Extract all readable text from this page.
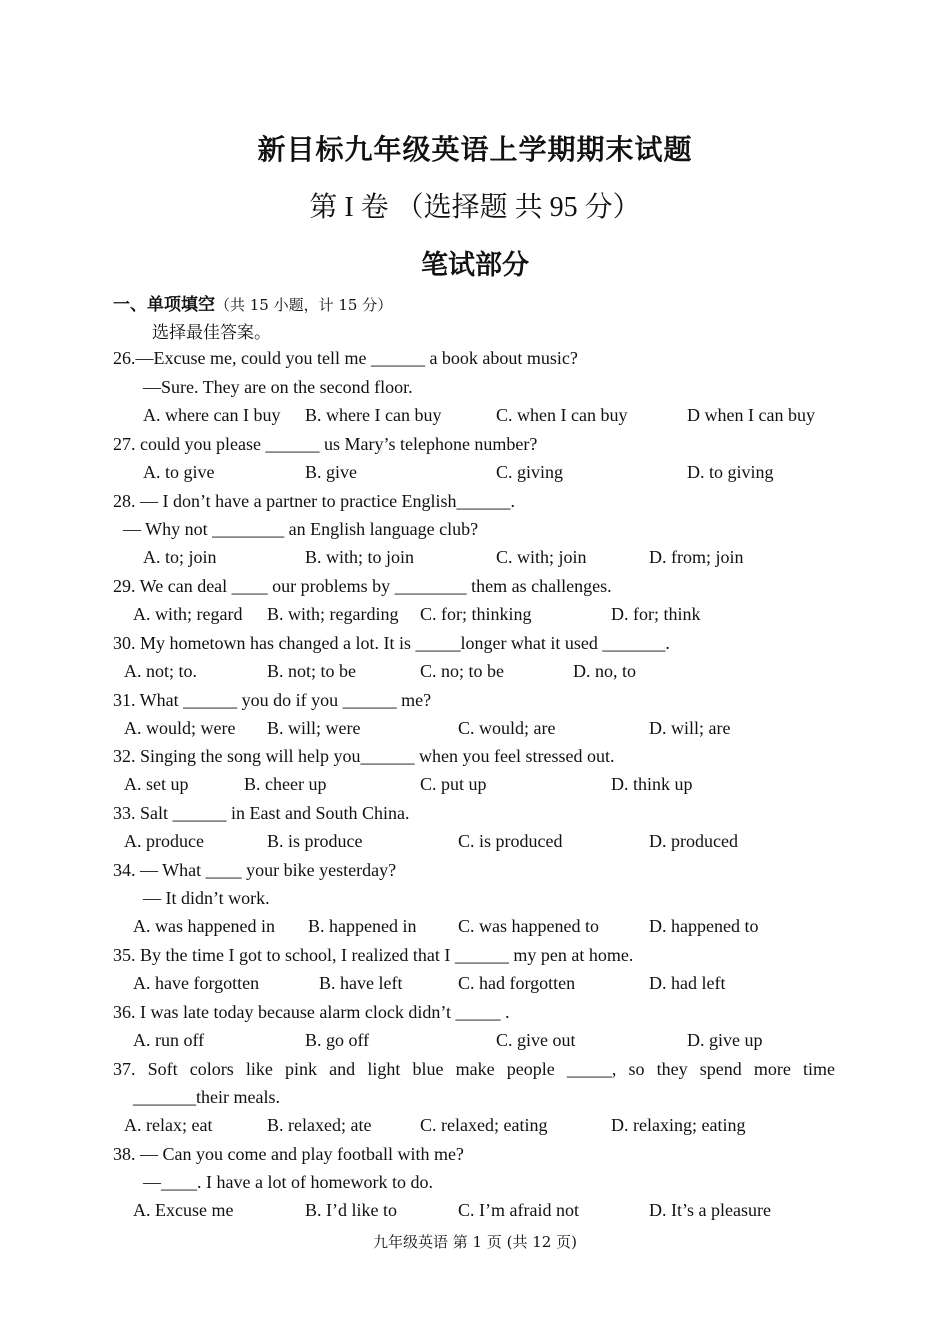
新目标九年级英语上学期期末试题
第 I 卷 （选择题 共 95 分）
笔试部分
一、单项填空（共 15 小题，计 15 分）
选择最佳答案。
26.—Excuse me, could you tell me ______ a book about music?
—Sure. They are on the second floor.
A. where can I buy B. where I can buy	C. when I can buy	D when I can buy
27. could you please ______ us Mary’s telephone number?
A. to give	B. give	C. giving	D. to giving
28. — I don’t have a partner to practice English______.
— Why not ________ an English language club?
A. to; join	B. with; to join	C. with; join	D. from; join
29. We can deal ____ our problems by ________ them as challenges.
A. with; regard B. with; regarding C. for; thinking	D. for; think
30. My hometown has changed a lot. It is _____longer what it used _______.
A. not; to.	B. not; to be	C. no; to be	D. no, to
31. What ______ you do if you ______ me?
A. would; were B. will; were	C. would; are	D. will; are
32. Singing the song will help you______ when you feel stressed out.
A. set up	B. cheer up	C. put up	D. think up
33. Salt ______ in East and South China.
A. produce	B. is produce	C. is produced	D. produced
34. — What ____ your bike yesterday?
— It didn’t work.
A. was happened in B. happened in C. was happened to	D. happened to
35. By the time I got to school, I realized that I ______ my pen at home.
A. have forgotten	B. have left	C. had forgotten	D. had left
36. I was late today because alarm clock didn’t _____ .
A. run off	B. go off	C. give out	D. give up
37. Soft colors like pink and light blue make people _____, so they spend more time
_______their meals.
A. relax; eat	B. relaxed; ate	C. relaxed; eating	D. relaxing; eating
38. — Can you come and play football with me?
—____. I have a lot of homework to do.
A. Excuse me	B. I’d like to	C. I’m afraid not	D. It’s a pleasure
九年级英语 第 1 页 (共 12 页)
